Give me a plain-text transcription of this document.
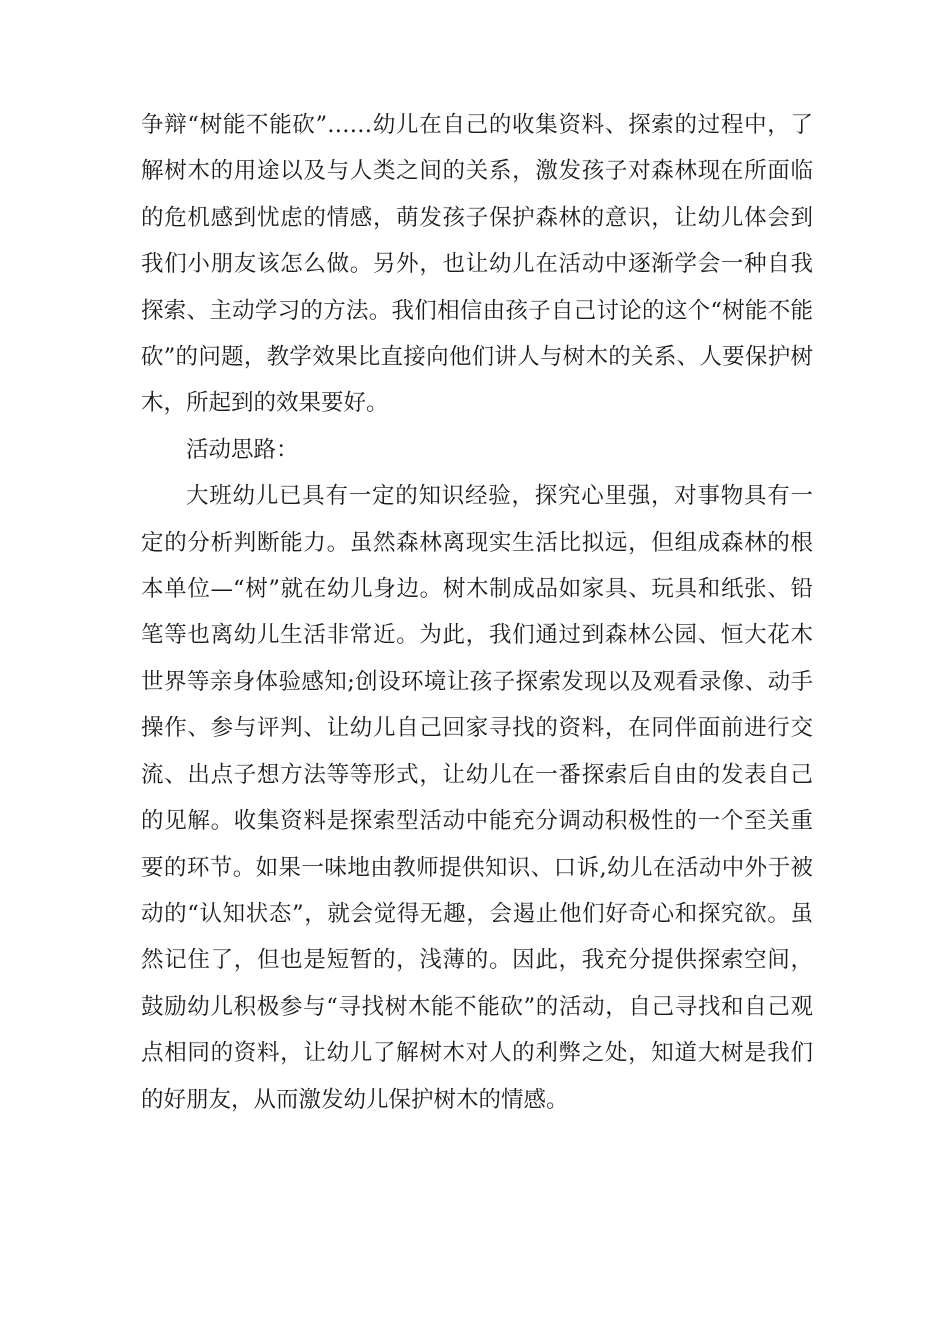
争辩“树能不能砍”……幼儿在自己的收集资料、探索的过程中，了解树木的用途以及与人类之间的关系，激发孩子对森林现在所面临的危机感到忧虑的情感，萌发孩子保护森林的意识，让幼儿体会到我们小朋友该怎么做。另外，也让幼儿在活动中逐渐学会一种自我探索、主动学习的方法。我们相信由孩子自己讨论的这个“树能不能砍”的问题，教学效果比直接向他们讲人与树木的关系、人要保护树木，所起到的效果要好。

活动思路：

大班幼儿已具有一定的知识经验，探究心里强，对事物具有一定的分析判断能力。虽然森林离现实生活比拟远，但组成森林的根本单位—“树”就在幼儿身边。树木制成品如家具、玩具和纸张、铅笔等也离幼儿生活非常近。为此，我们通过到森林公园、恒大花木世界等亲身体验感知;创设环境让孩子探索发现以及观看录像、动手操作、参与评判、让幼儿自己回家寻找的资料，在同伴面前进行交流、出点子想方法等等形式，让幼儿在一番探索后自由的发表自己的见解。收集资料是探索型活动中能充分调动积极性的一个至关重要的环节。如果一味地由教师提供知识、口诉,幼儿在活动中外于被动的“认知状态”，就会觉得无趣，会遏止他们好奇心和探究欲。虽然记住了，但也是短暂的，浅薄的。因此，我充分提供探索空间，鼓励幼儿积极参与“寻找树木能不能砍”的活动，自己寻找和自己观点相同的资料，让幼儿了解树木对人的利弊之处，知道大树是我们的好朋友，从而激发幼儿保护树木的情感。
